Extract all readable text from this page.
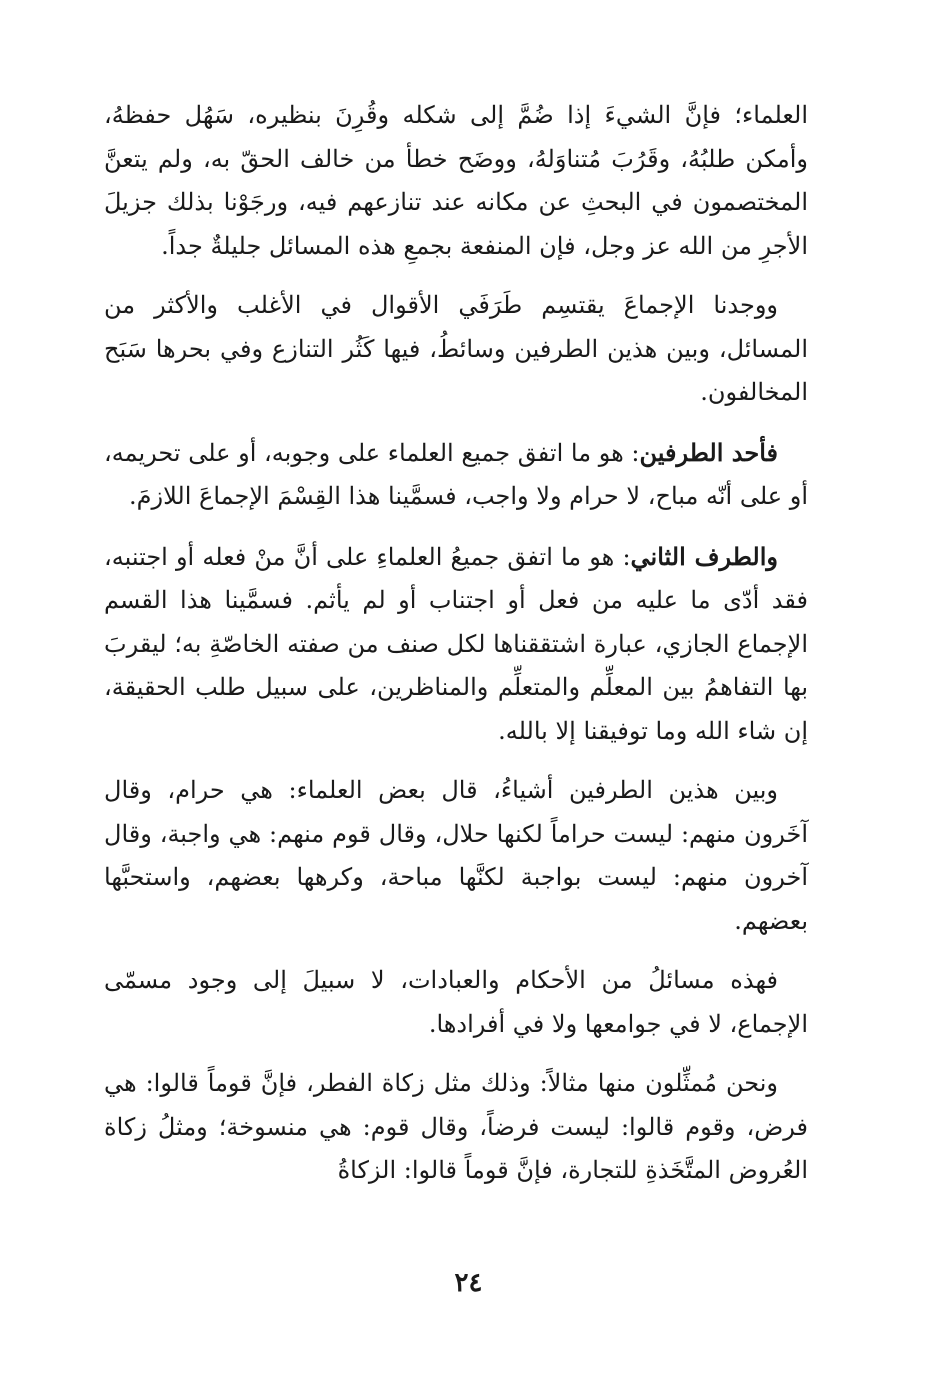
العلماء؛ فإنَّ الشيءَ إذا ضُمَّ إلى شكله وقُرِنَ بنظيره، سَهُل حفظهُ، وأمكن طلبُهُ، وقَرُبَ مُتناوَلهُ، ووضَح خطأ من خالف الحقّ به، ولم يتعنَّ المختصمون في البحثِ عن مكانه عند تنازعهم فيه، ورجَوْنا بذلك جزيلَ الأجرِ من الله عز وجل، فإن المنفعة بجمعِ هذه المسائل جليلةٌ جداً.

ووجدنا الإجماعَ يقتسِم طَرَفَي الأقوال في الأغلب والأكثر من المسائل، وبين هذين الطرفين وسائطُ، فيها كَثُر التنازع وفي بحرها سَبَح المخالفون.

فأحد الطرفين: هو ما اتفق جميع العلماء على وجوبه، أو على تحريمه، أو على أنّه مباح، لا حرام ولا واجب، فسمَّينا هذا القِسْمَ الإجماعَ اللازمَ.

والطرف الثاني: هو ما اتفق جميعُ العلماءِ على أنَّ منْ فعله أو اجتنبه، فقد أدّى ما عليه من فعل أو اجتناب أو لم يأثم. فسمَّينا هذا القسم الإجماع الجازي، عبارة اشتققناها لكل صنف من صفته الخاصّةِ به؛ ليقربَ بها التفاهمُ بين المعلِّم والمتعلِّم والمناظرين، على سبيل طلب الحقيقة، إن شاء الله وما توفيقنا إلا بالله.

وبين هذين الطرفين أشياءُ، قال بعض العلماء: هي حرام، وقال آخَرون منهم: ليست حراماً لكنها حلال، وقال قوم منهم: هي واجبة، وقال آخرون منهم: ليست بواجبة لكنَّها مباحة، وكرهها بعضهم، واستحبَّها بعضهم.

فهذه مسائلُ من الأحكام والعبادات، لا سبيلَ إلى وجود مسمّى الإجماع، لا في جوامعها ولا في أفرادها.

ونحن مُمثِّلون منها مثالاً: وذلك مثل زكاة الفطر، فإنَّ قوماً قالوا: هي فرض، وقوم قالوا: ليست فرضاً، وقال قوم: هي منسوخة؛ ومثلُ زكاة العُروض المتَّخَذةِ للتجارة، فإنَّ قوماً قالوا: الزكاةُ

٢٤
